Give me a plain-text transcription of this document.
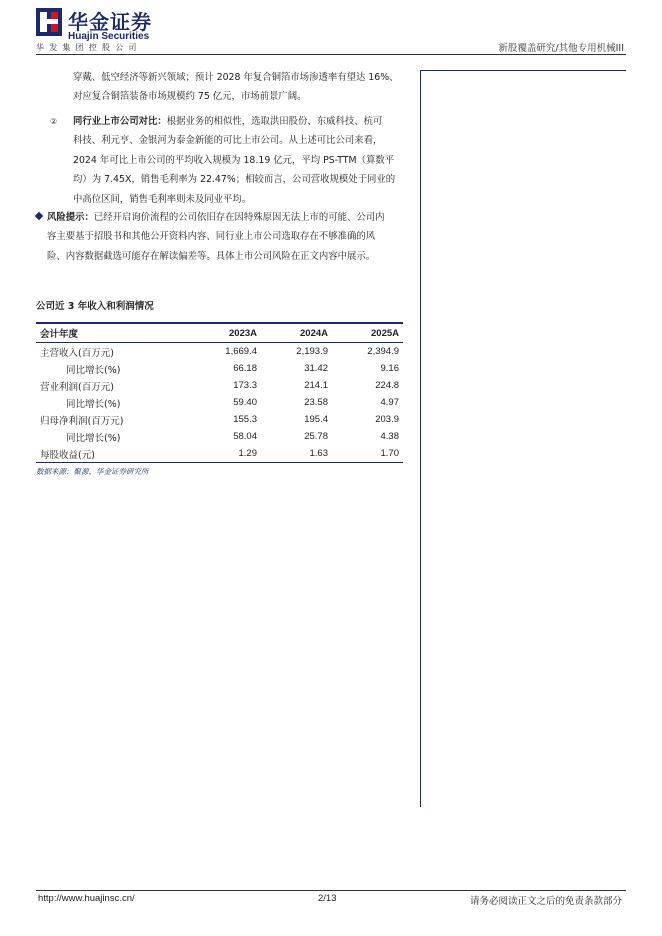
华金证券
Huajin Securities
华发集团控股公司	新股覆盖研究/其他专用机械III
穿戴、低空经济等新兴领域；预计 2028 年复合铜箔市场渗透率有望达 16%、
对应复合铜箔装备市场规模约 75 亿元，市场前景广阔。
② 同行业上市公司对比：根据业务的相似性，选取洪田股份、东威科技、杭可
科技、利元亨、金银河为泰金新能的可比上市公司。从上述可比公司来看，
2024 年可比上市公司的平均收入规模为 18.19 亿元，平均 PS-TTM（算数平
均）为 7.45X，销售毛利率为 22.47%；相较而言，公司营收规模处于同业的
中高位区间，销售毛利率则未及同业平均。
风险提示：已经开启询价流程的公司依旧存在因特殊原因无法上市的可能、公司内
容主要基于招股书和其他公开资料内容、同行业上市公司选取存在不够准确的风
险、内容数据截选可能存在解读偏差等。具体上市公司风险在正文内容中展示。
公司近 3 年收入和利润情况
会计年度	2023A	2024A	2025A
主营收入(百万元)	1,669.4	2,193.9	2,394.9
同比增长(%)	66.18	31.42	9.16
营业利润(百万元)	173.3	214.1	224.8
同比增长(%)	59.40	23.58	4.97
归母净利润(百万元)	155.3	195.4	203.9
同比增长(%)	58.04	25.78	4.38
每股收益(元)	1.29	1.63	1.70
数据来源：聚源、华金证券研究所
http://www.huajinsc.cn/	2/13	请务必阅读正文之后的免责条款部分
